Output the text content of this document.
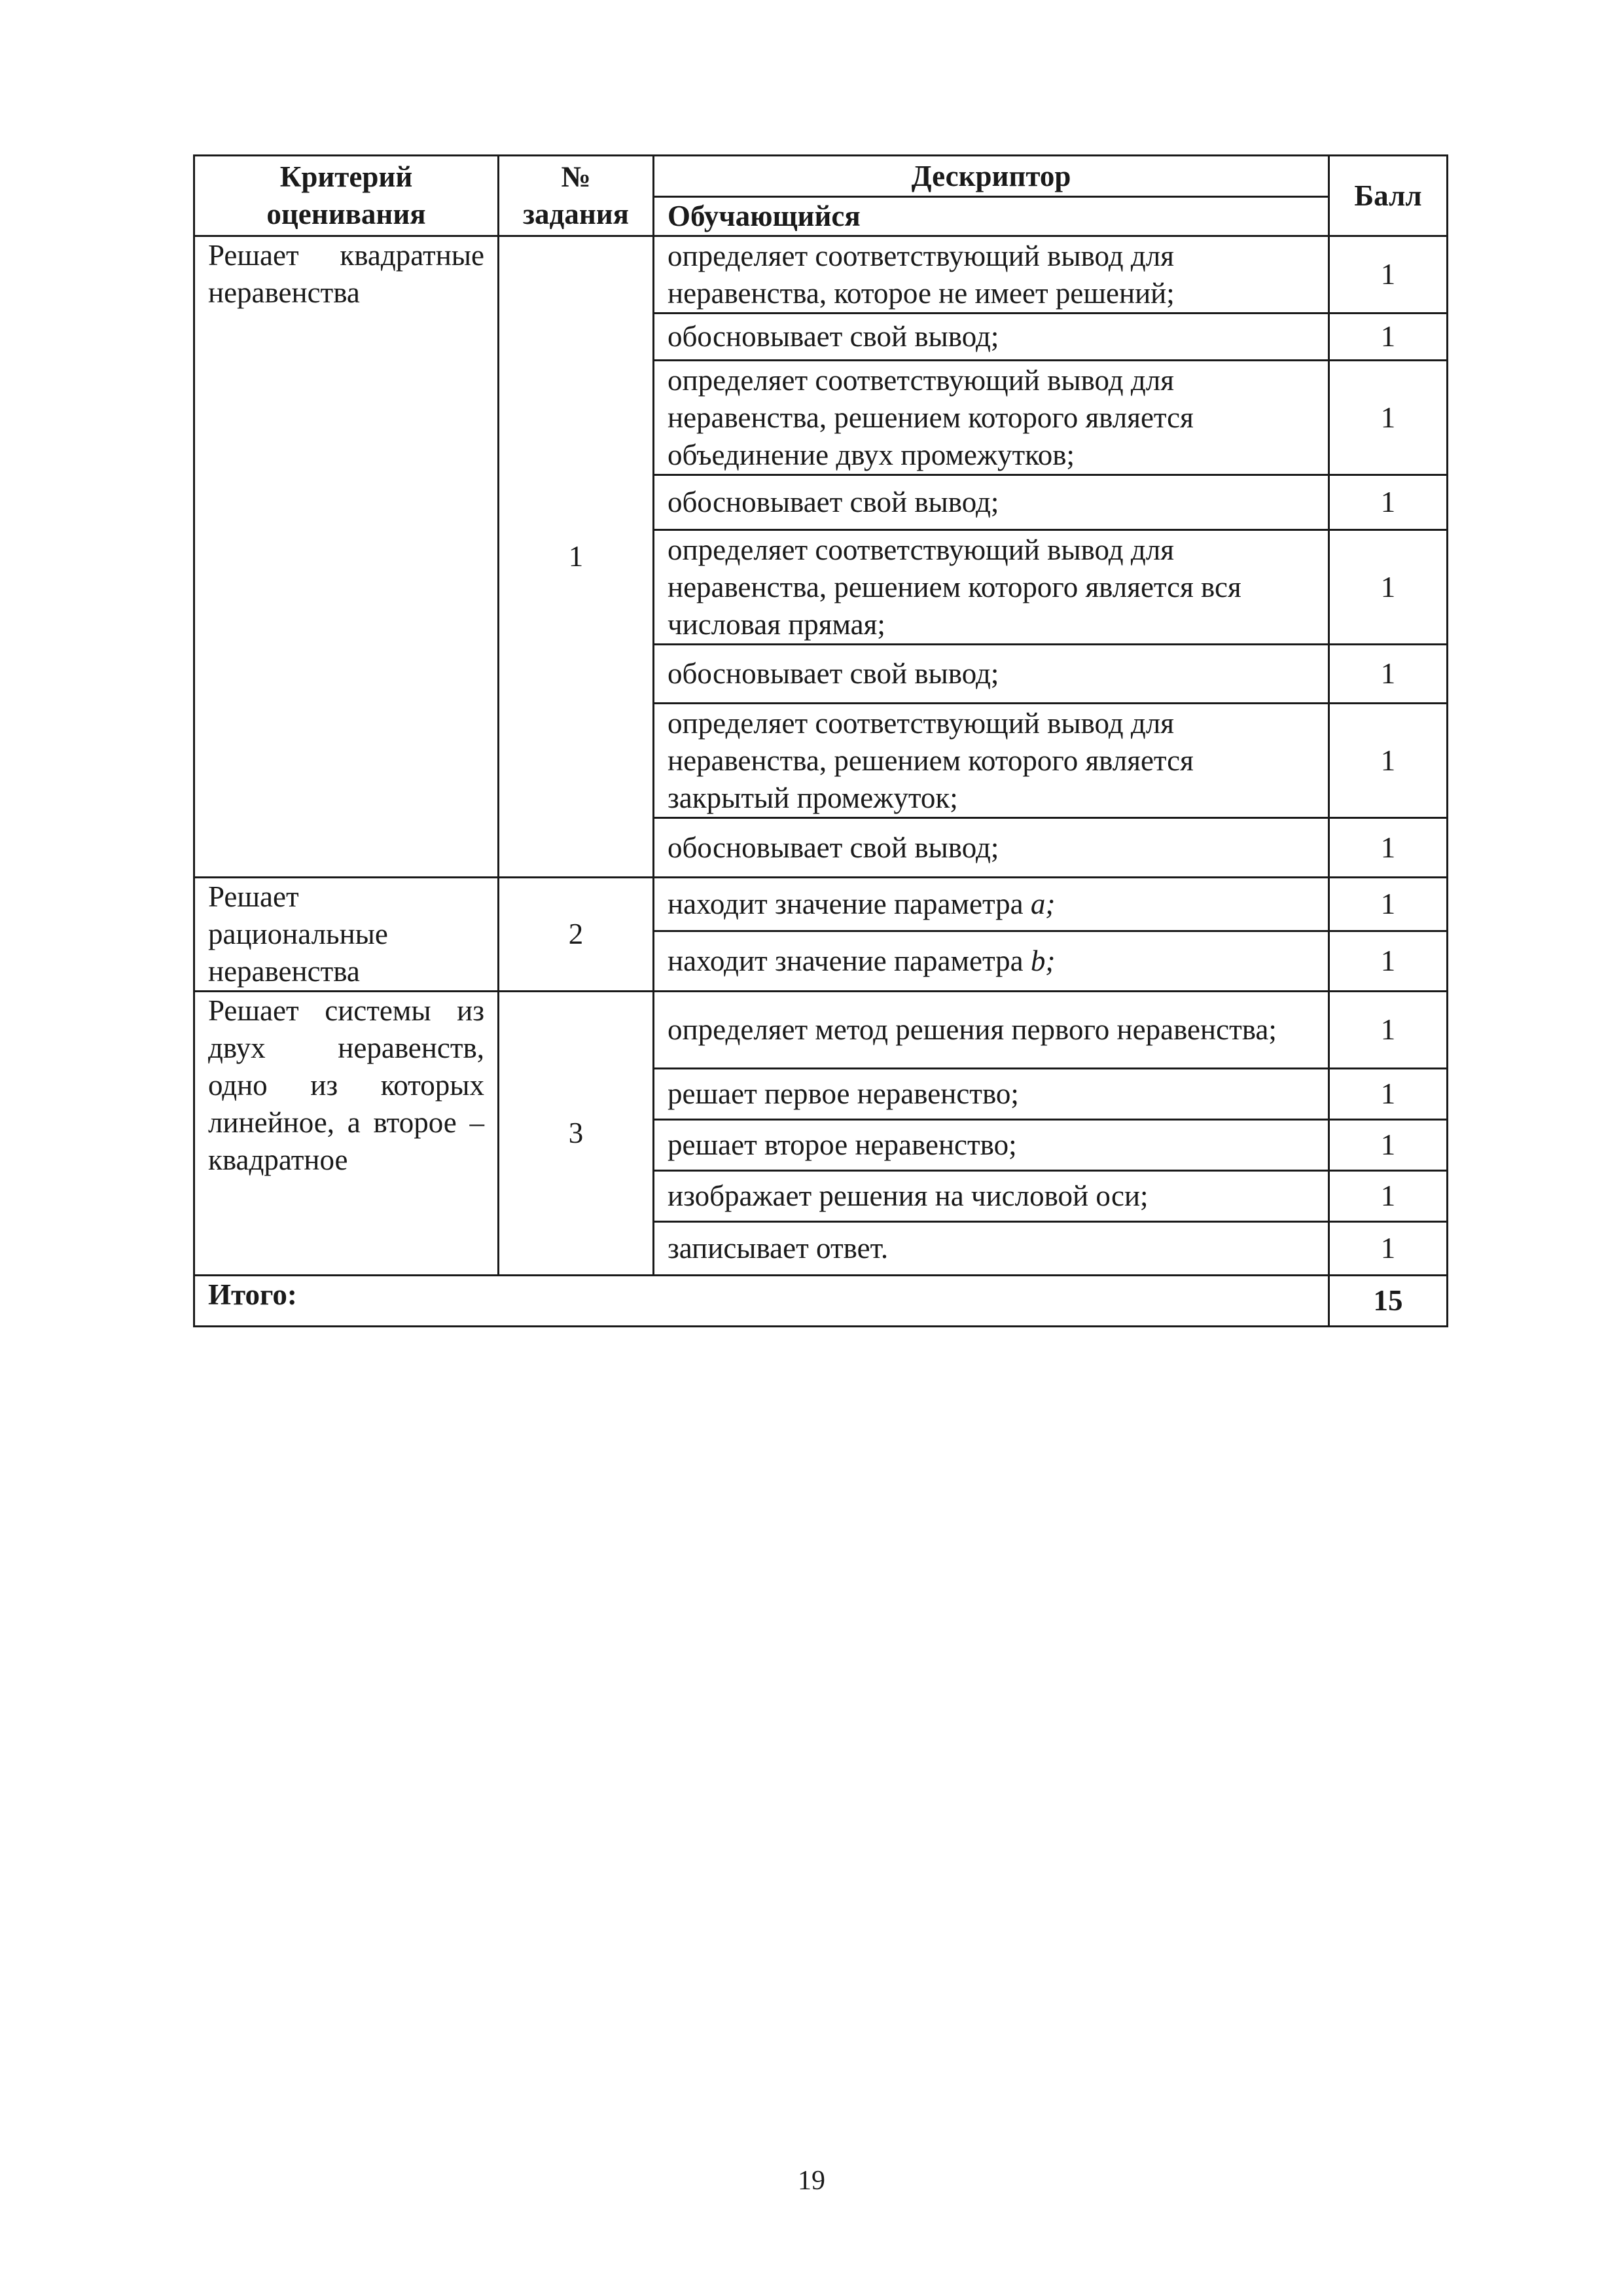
Критерий оценивания	№ задания	Дескриптор	Балл
		Обучающийся	
Решает квадратные неравенства	1	определяет соответствующий вывод для неравенства, которое не имеет решений;	1
		обосновывает свой вывод;	1
		определяет соответствующий вывод для неравенства, решением которого является объединение двух промежутков;	1
		обосновывает свой вывод;	1
		определяет соответствующий вывод для неравенства, решением которого является вся числовая прямая;	1
		обосновывает свой вывод;	1
		определяет соответствующий вывод для неравенства, решением которого является закрытый промежуток;	1
		обосновывает свой вывод;	1
Решает рациональные неравенства	2	находит значение параметра a;	1
		находит значение параметра b;	1
Решает системы из двух неравенств, одно из которых линейное, а второе – квадратное	3	определяет метод решения первого неравенства;	1
		решает первое неравенство;	1
		решает второе неравенство;	1
		изображает решения на числовой оси;	1
		записывает ответ.	1
Итого:			15
19
